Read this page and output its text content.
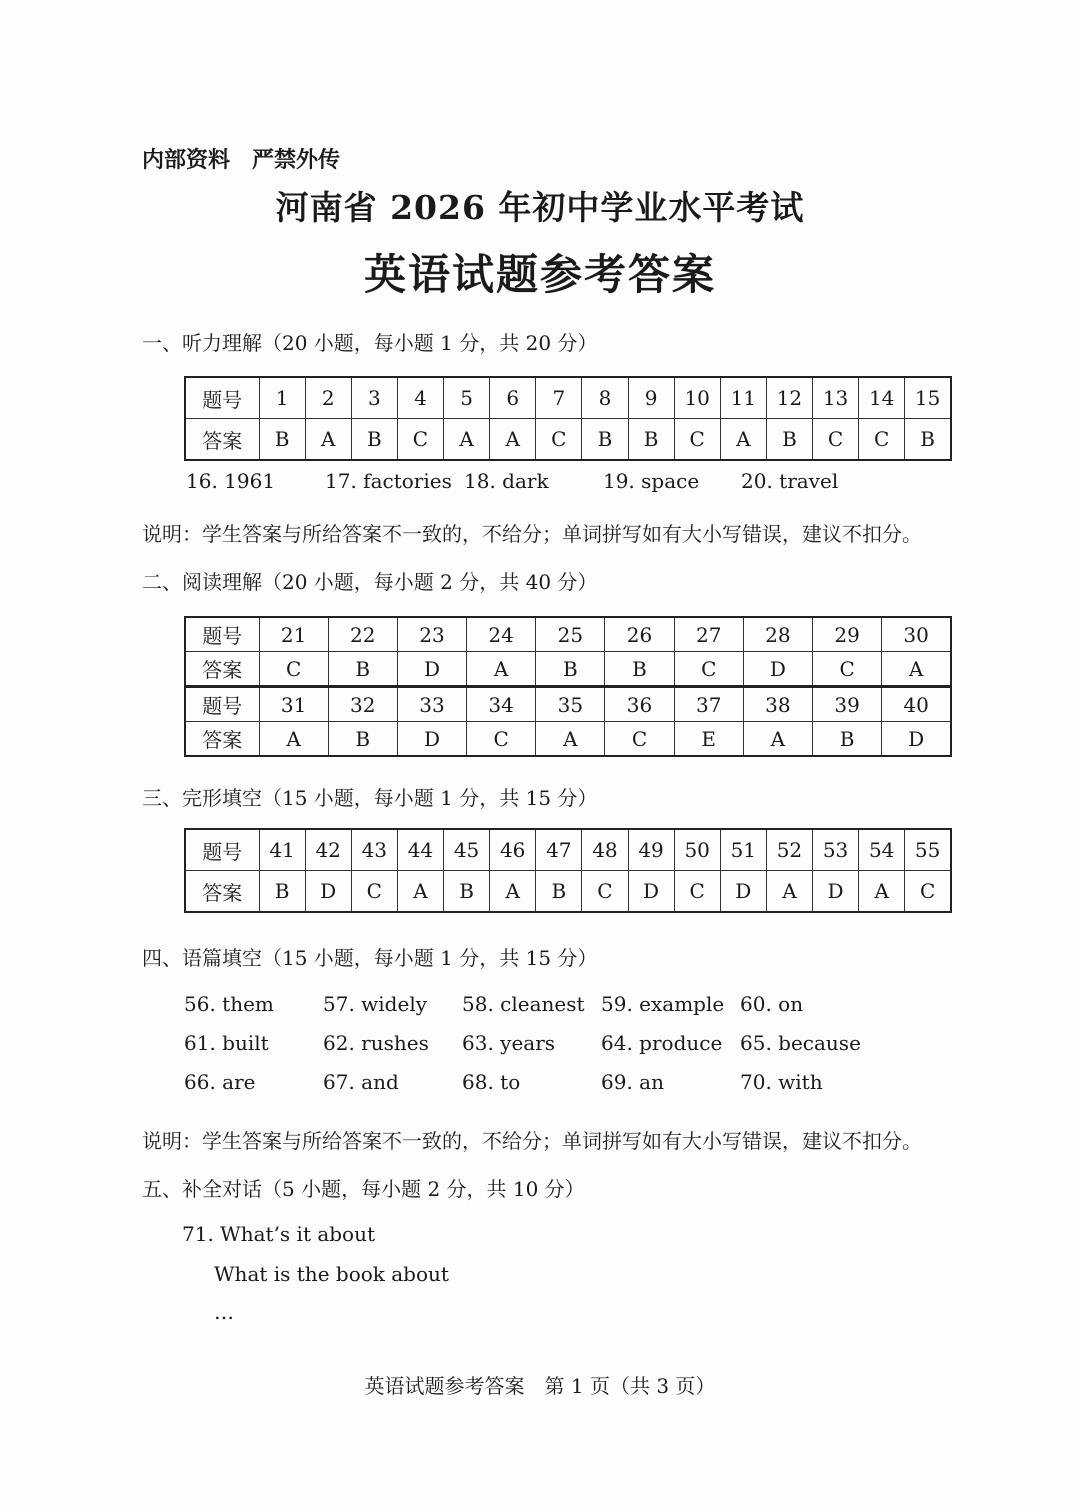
内部资料 严禁外传
河南省 2026 年初中学业水平考试
英语试题参考答案
一、听力理解（20 小题，每小题 1 分，共 20 分）
题号	1	2	3	4	5	6	7	8	9	10	11	12	13	14	15
答案	B	A	B	C	A	A	C	B	B	C	A	B	C	C	B
16. 1961 17. factories 18. dark	19. space 20. travel
说明：学生答案与所给答案不一致的，不给分；单词拼写如有大小写错误，建议不扣分。
二、阅读理解（20 小题，每小题 2 分，共 40 分）
题号	21	22	23	24	25	26	27	28	29	30
答案	C	B	D	A	B	B	C	D	C	A
题号	31	32	33	34	35	36	37	38	39	40
答案	A	B	D	C	A	C	E	A	B	D
三、完形填空（15 小题，每小题 1 分，共 15 分）
题号	41	42	43	44	45	46	47	48	49	50	51	52	53	54	55
答案	B	D	C	A	B	A	B	C	D	C	D	A	D	A	C
四、语篇填空（15 小题，每小题 1 分，共 15 分）
56. them 57. widely 58. cleanest 59. example 60. on
61. built	62. rushes 63. years 64. produce 65. because
66. are	67. and	68. to	69. an	70. with
说明：学生答案与所给答案不一致的，不给分；单词拼写如有大小写错误，建议不扣分。
五、补全对话（5 小题，每小题 2 分，共 10 分）
71. What’s it about
What is the book about
…
英语试题参考答案　第 1 页（共 3 页）
